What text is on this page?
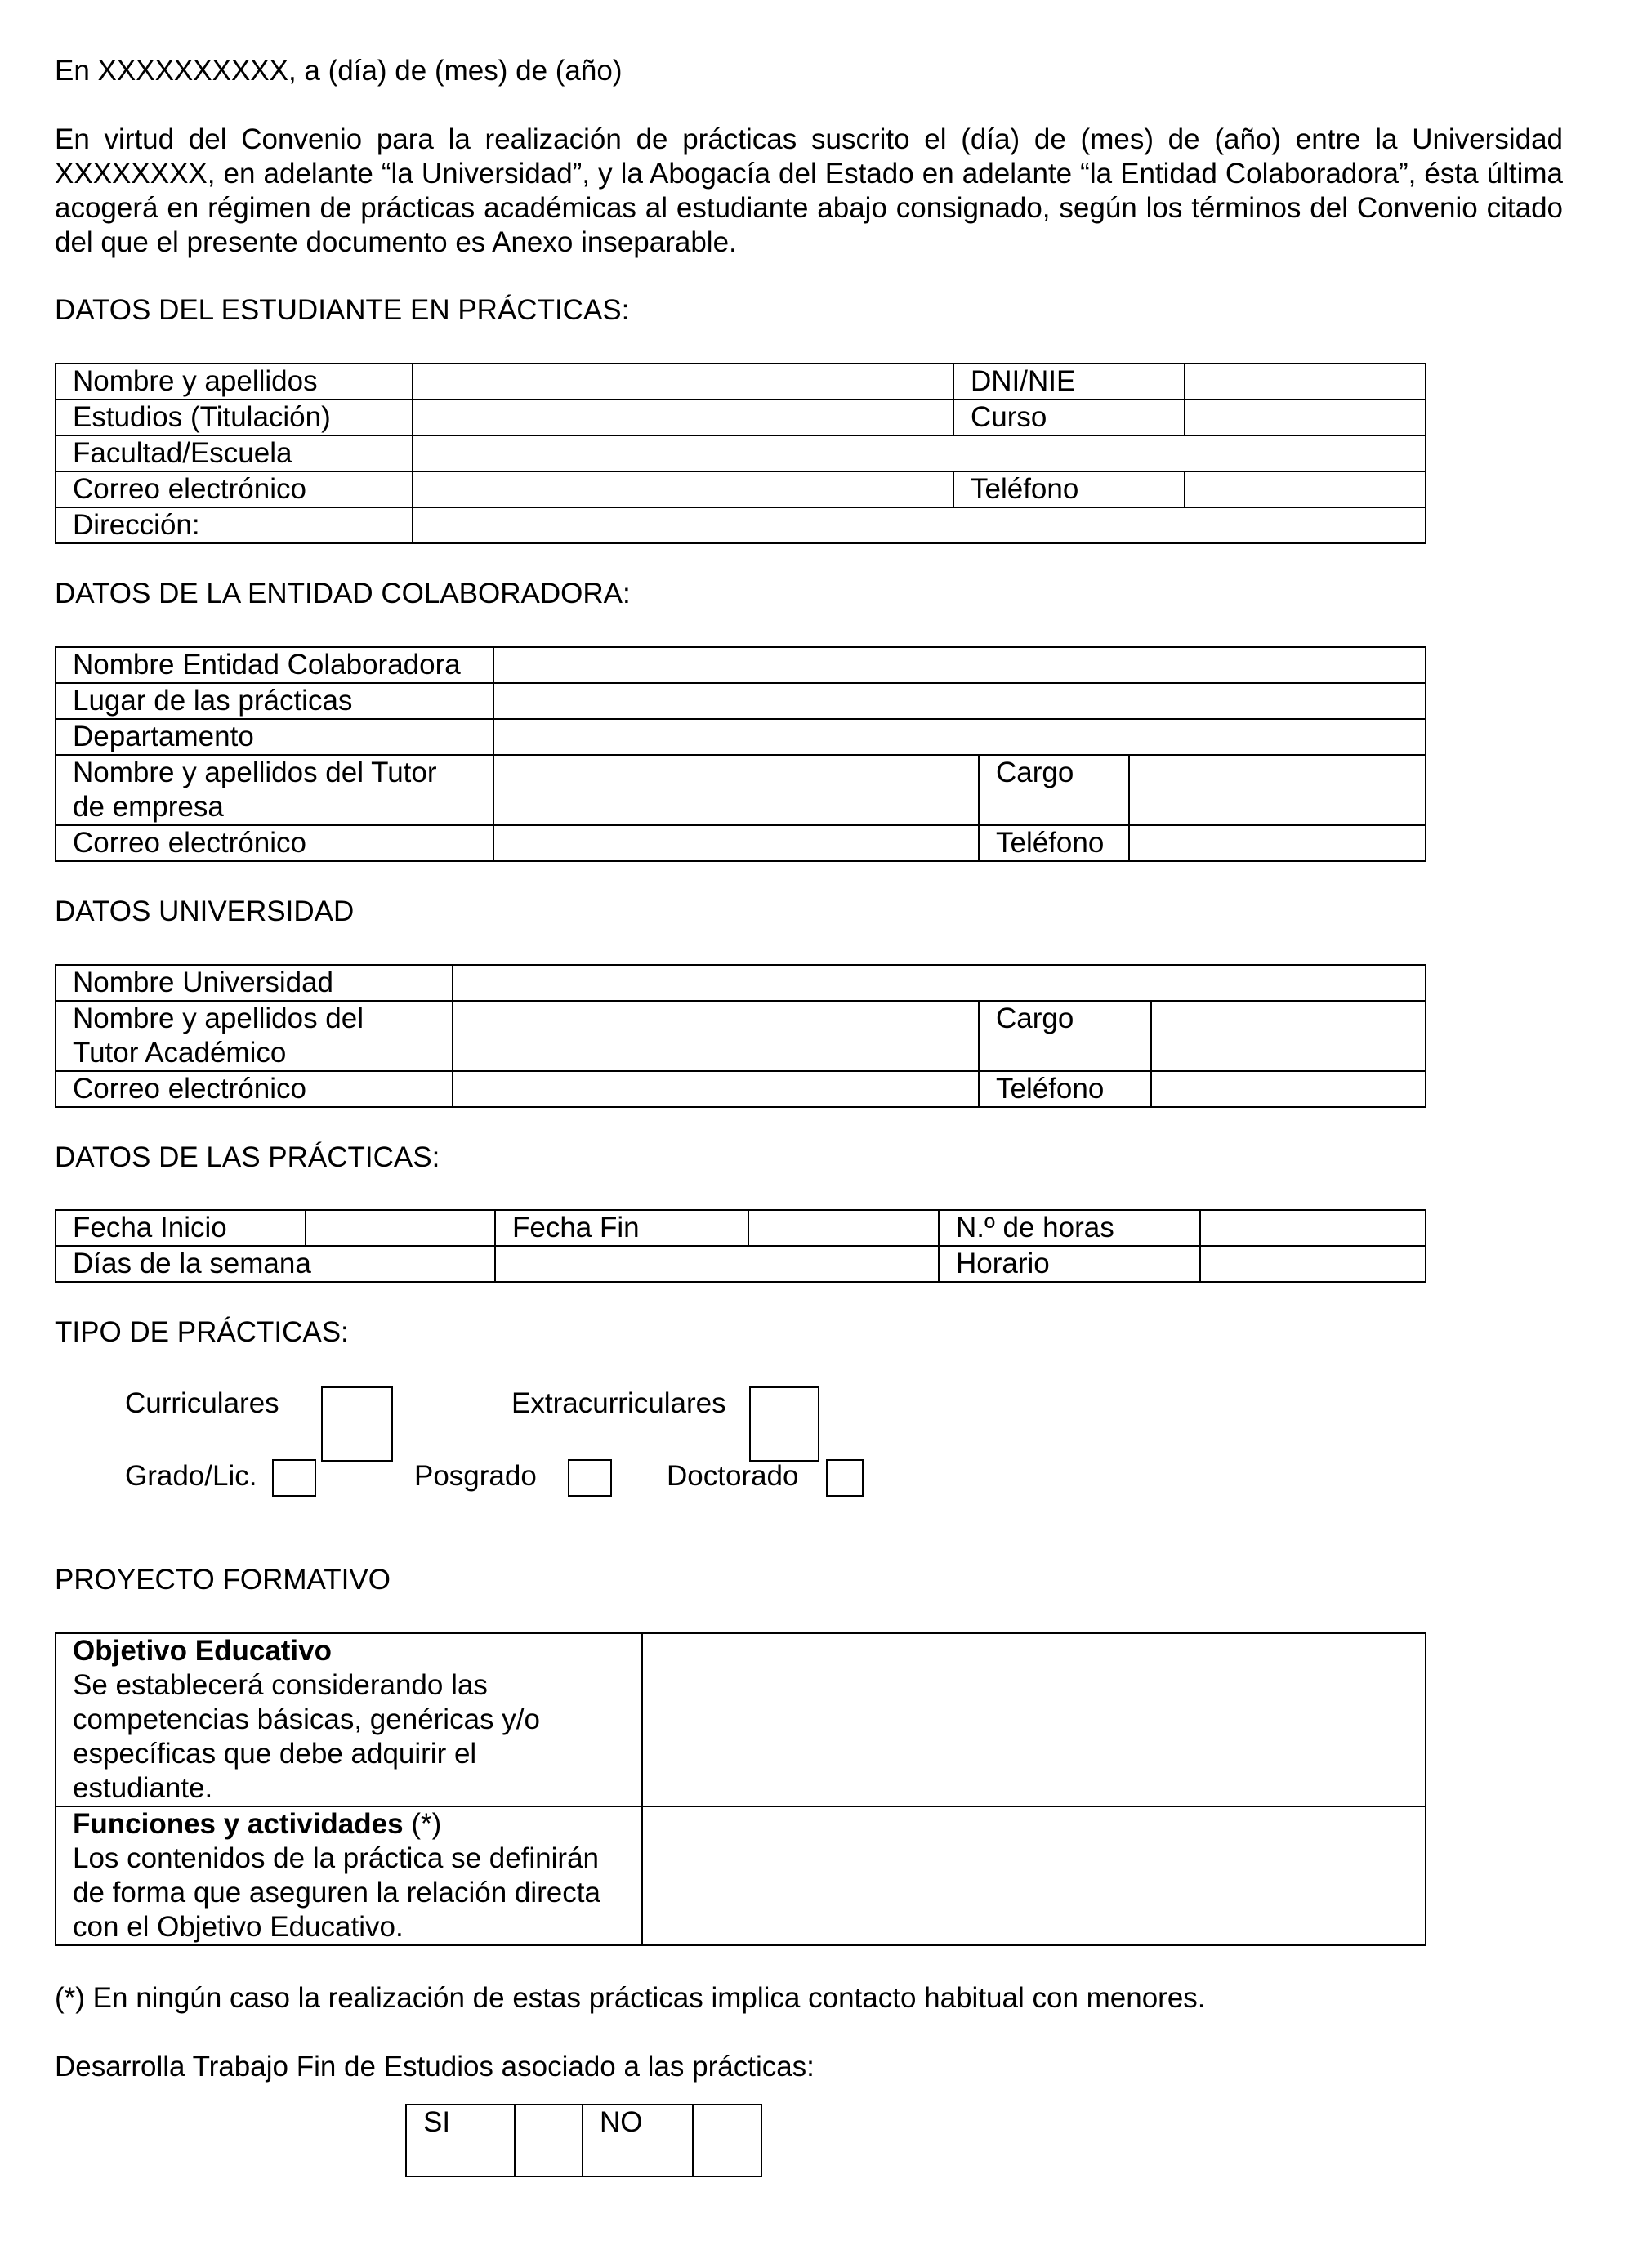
En XXXXXXXXXX, a (día) de (mes) de (año)

En virtud del Convenio para la realización de prácticas suscrito el (día) de (mes) de (año) entre la Universidad XXXXXXXX, en adelante “la Universidad”, y la Abogacía del Estado en adelante “la Entidad Colaboradora”, ésta última acogerá en régimen de prácticas académicas al estudiante abajo consignado, según los términos del Convenio citado del que el presente documento es Anexo inseparable.

DATOS DEL ESTUDIANTE EN PRÁCTICAS:

Nombre y apellidos		DNI/NIE	
Estudios (Titulación)		Curso	
Facultad/Escuela			
Correo electrónico		Teléfono	
Dirección:			

DATOS DE LA ENTIDAD COLABORADORA:

Nombre Entidad Colaboradora			
Lugar de las prácticas			
Departamento			
Nombre y apellidos del Tutor
de empresa		Cargo	
Correo electrónico		Teléfono	

DATOS UNIVERSIDAD

Nombre Universidad			
Nombre y apellidos del
Tutor Académico		Cargo	
Correo electrónico		Teléfono	

DATOS DE LAS PRÁCTICAS:

Fecha Inicio		Fecha Fin		N.º de horas	
Días de la semana				Horario	

TIPO DE PRÁCTICAS:

Curriculares	Extracurriculares
Grado/Lic.	Posgrado	Doctorado

PROYECTO FORMATIVO

Objetivo Educativo
Se establecerá considerando las
competencias básicas, genéricas y/o
específicas que debe adquirir el
estudiante.	
Funciones y actividades (*)
Los contenidos de la práctica se definirán
de forma que aseguren la relación directa
con el Objetivo Educativo.	

(*) En ningún caso la realización de estas prácticas implica contacto habitual con menores.

Desarrolla Trabajo Fin de Estudios asociado a las prácticas:

SI		NO	
